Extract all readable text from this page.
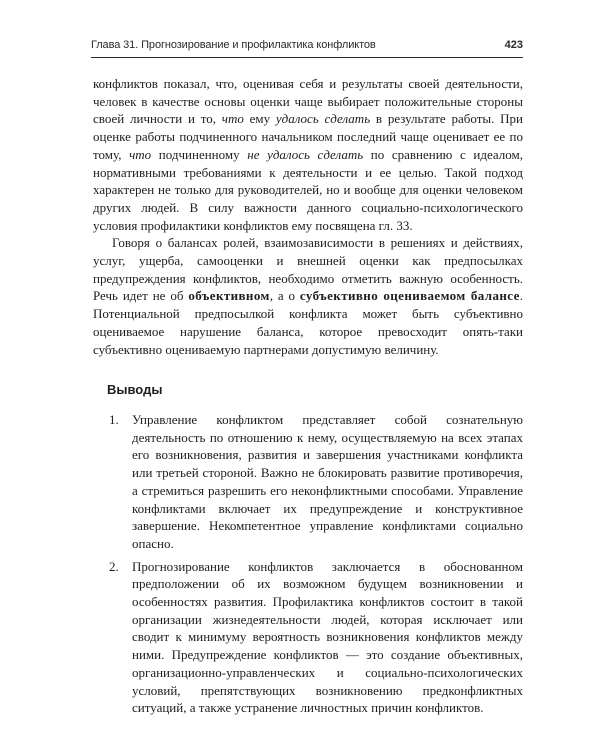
Глава 31. Прогнозирование и профилактика конфликтов	423

конфликтов показал, что, оценивая себя и результаты своей деятельности, человек в качестве основы оценки чаще выбирает положительные стороны своей личности и то, что ему удалось сделать в результате работы. При оценке работы подчиненного начальником последний чаще оценивает ее по тому, что подчиненному не удалось сделать по сравнению с идеалом, нормативными требованиями к деятельности и ее целью. Такой подход характерен не только для руководителей, но и вообще для оценки человеком других людей. В силу важности данного социально-психологического условия профилактики конфликтов ему посвящена гл. 33.

Говоря о балансах ролей, взаимозависимости в решениях и действиях, услуг, ущерба, самооценки и внешней оценки как предпосылках предупреждения конфликтов, необходимо отметить важную особенность. Речь идет не об объективном, а о субъективно оцениваемом балансе. Потенциальной предпосылкой конфликта может быть субъективно оцениваемое нарушение баланса, которое превосходит опять-таки субъективно оцениваемую партнерами допустимую величину.

Выводы
1. Управление конфликтом представляет собой сознательную деятельность по отношению к нему, осуществляемую на всех этапах его возникновения, развития и завершения участниками конфликта или третьей стороной. Важно не блокировать развитие противоречия, а стремиться разрешить его неконфликтными способами. Управление конфликтами включает их предупреждение и конструктивное завершение. Некомпетентное управление конфликтами социально опасно.
2. Прогнозирование конфликтов заключается в обоснованном предположении об их возможном будущем возникновении и особенностях развития. Профилактика конфликтов состоит в такой организации жизнедеятельности людей, которая исключает или сводит к минимуму вероятность возникновения конфликтов между ними. Предупреждение конфликтов — это создание объективных, организационно-управленческих и социально-психологических условий, препятствующих возникновению предконфликтных ситуаций, а также устранение личностных причин конфликтов.
